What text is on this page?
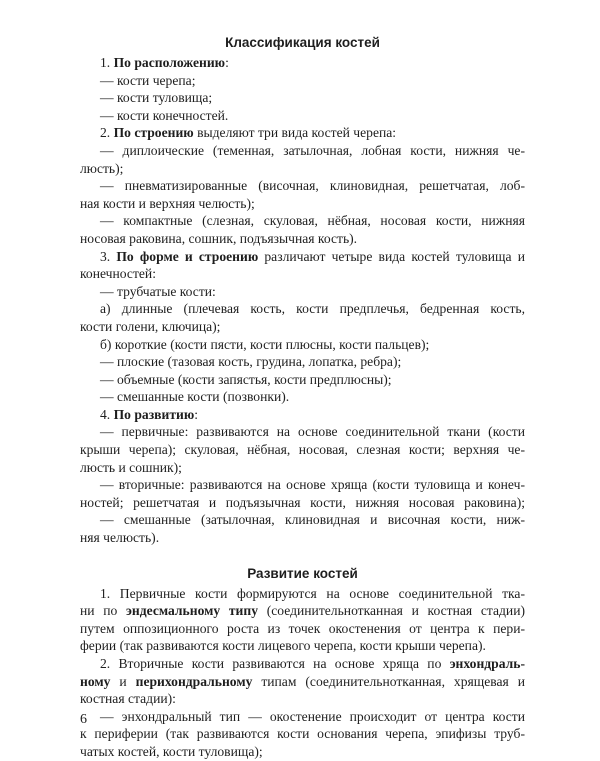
Классификация костей
1. По расположению:
— кости черепа;
— кости туловища;
— кости конечностей.
2. По строению выделяют три вида костей черепа:
— диплоические (теменная, затылочная, лобная кости, нижняя че-
люсть);
— пневматизированные (височная, клиновидная, решетчатая, лоб-
ная кости и верхняя челюсть);
— компактные (слезная, скуловая, нёбная, носовая кости, нижняя
носовая раковина, сошник, подъязычная кость).
3. По форме и строению различают четыре вида костей туловища и
конечностей:
— трубчатые кости:
а) длинные (плечевая кость, кости предплечья, бедренная кость,
кости голени, ключица);
б) короткие (кости пясти, кости плюсны, кости пальцев);
— плоские (тазовая кость, грудина, лопатка, ребра);
— объемные (кости запястья, кости предплюсны);
— смешанные кости (позвонки).
4. По развитию:
— первичные: развиваются на основе соединительной ткани (кости
крыши черепа); скуловая, нёбная, носовая, слезная кости; верхняя че-
люсть и сошник);
— вторичные: развиваются на основе хряща (кости туловища и конеч-
ностей; решетчатая и подъязычная кости, нижняя носовая раковина);
— смешанные (затылочная, клиновидная и височная кости, ниж-
няя челюсть).
Развитие костей
1. Первичные кости формируются на основе соединительной тка-
ни по эндесмальному типу (соединительнотканная и костная стадии)
путем оппозиционного роста из точек окостенения от центра к пери-
ферии (так развиваются кости лицевого черепа, кости крыши черепа).
2. Вторичные кости развиваются на основе хряща по энхондраль-
ному и перихондральному типам (соединительнотканная, хрящевая и
костная стадии):
— энхондральный тип — окостенение происходит от центра кости
к периферии (так развиваются кости основания черепа, эпифизы труб-
чатых костей, кости туловища);
6
